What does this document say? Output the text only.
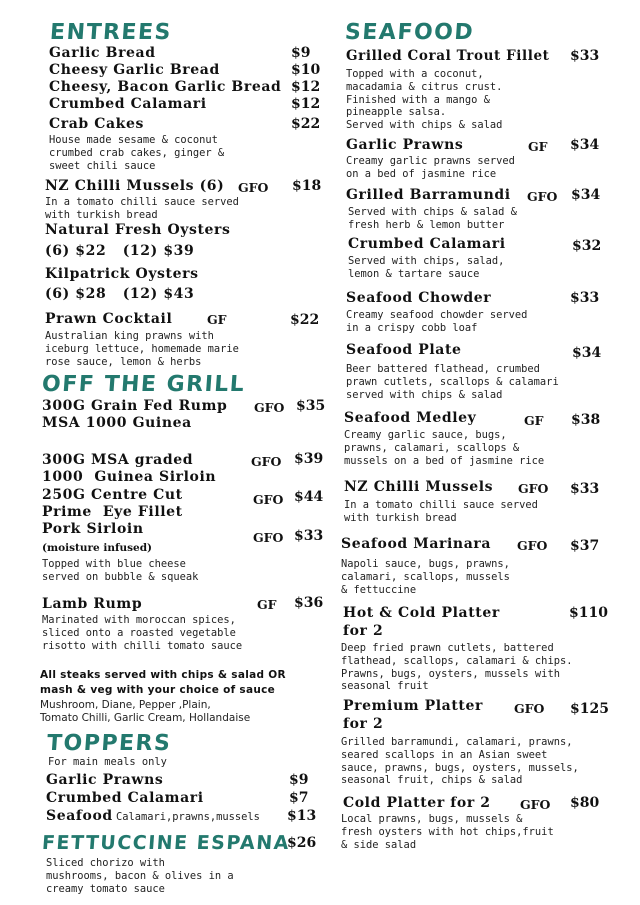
ENTREES
Garlic Bread	$9
Cheesy Garlic Bread	$10
Cheesy, Bacon Garlic Bread $12
Crumbed Calamari	$12
Crab Cakes	$22
House made sesame & coconut
crumbed crab cakes, ginger &
sweet chili sauce
NZ Chilli Mussels (6) GFO $18
In a tomato chilli sauce served
with turkish bread
Natural Fresh Oysters
(6) $22   (12) $39
Kilpatrick Oysters
(6) $28   (12) $43
Prawn Cocktail	GF	$22
Australian king prawns with
iceburg lettuce, homemade marie
rose sauce, lemon & herbs
OFF THE GRILL
300G Grain Fed Rump
MSA 1000 Guinea
GFO $35
300G MSA graded
1000  Guinea Sirloin
GFO $39
250G Centre Cut
Prime  Eye Fillet
GFO $44
Pork Sirloin
(moisture infused)
GFO $33
Topped with blue cheese
served on bubble & squeak
Lamb Rump	GF $36
Marinated with moroccan spices,
sliced onto a roasted vegetable
risotto with chilli tomato sauce
All steaks served with chips & salad OR
mash & veg with your choice of sauce
Mushroom, Diane, Pepper ,Plain,
Tomato Chilli, Garlic Cream, Hollandaise
TOPPERS
For main meals only
Garlic Prawns	$9
Crumbed Calamari	$7
Seafood Calamari,prawns,mussels $13
FETTUCCINE ESPANA
$26
Sliced chorizo with
mushrooms, bacon & olives in a
creamy tomato sauce
SEAFOOD
Grilled Coral Trout Fillet $33
Topped with a coconut,
macadamia & citrus crust.
Finished with a mango &
pineapple salsa.
Served with chips & salad
Garlic Prawns	GF $34
Creamy garlic prawns served
on a bed of jasmine rice
Grilled Barramundi GFO $34
Served with chips & salad &
fresh herb & lemon butter
Crumbed Calamari	$32
Served with chips, salad,
lemon & tartare sauce
Seafood Chowder	$33
Creamy seafood chowder served
in a crispy cobb loaf
Seafood Plate	$34
Beer battered flathead, crumbed
prawn cutlets, scallops & calamari
served with chips & salad
Seafood Medley	GF $38
Creamy garlic sauce, bugs,
prawns, calamari, scallops &
mussels on a bed of jasmine rice
NZ Chilli Mussels GFO $33
In a tomato chilli sauce served
with turkish bread
Seafood Marinara GFO $37
Napoli sauce, bugs, prawns,
calamari, scallops, mussels
& fettuccine
Hot & Cold Platter
for 2
$110
Deep fried prawn cutlets, battered
flathead, scallops, calamari & chips.
Prawns, bugs, oysters, mussels with
seasonal fruit
Premium Platter
for 2
GFO $125
Grilled barramundi, calamari, prawns,
seared scallops in an Asian sweet
sauce, prawns, bugs, oysters, mussels,
seasonal fruit, chips & salad
Cold Platter for 2 GFO $80
Local prawns, bugs, mussels &
fresh oysters with hot chips,fruit
& side salad
